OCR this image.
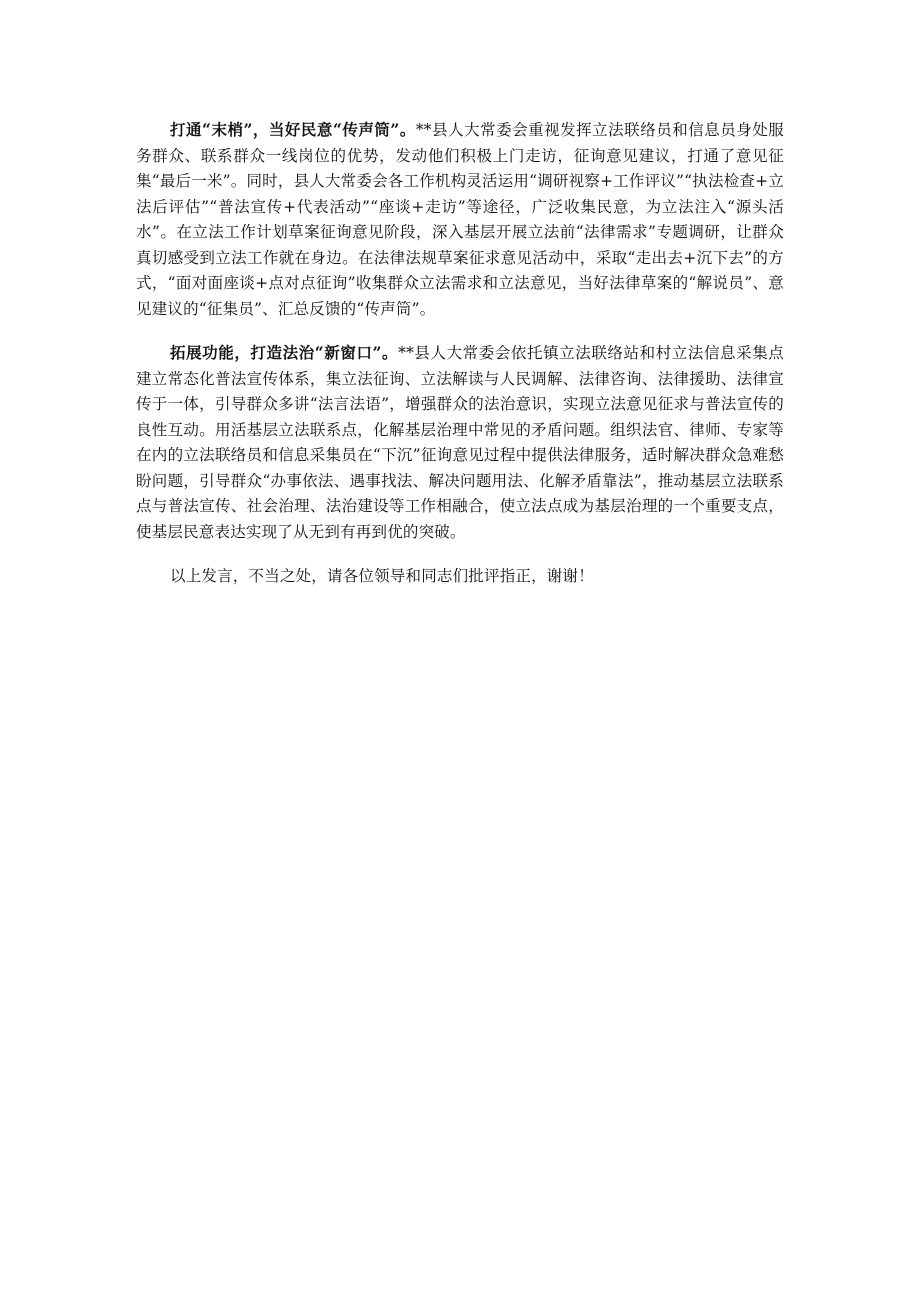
打通“末梢”，当好民意“传声筒”。**县人大常委会重视发挥立法联络员和信息员身处服务群众、联系群众一线岗位的优势，发动他们积极上门走访，征询意见建议，打通了意见征集“最后一米”。同时，县人大常委会各工作机构灵活运用“调研视察+工作评议”“执法检查+立法后评估”“普法宣传+代表活动”“座谈+走访”等途径，广泛收集民意，为立法注入“源头活水”。在立法工作计划草案征询意见阶段，深入基层开展立法前“法律需求”专题调研，让群众真切感受到立法工作就在身边。在法律法规草案征求意见活动中，采取“走出去+沉下去”的方式，“面对面座谈+点对点征询”收集群众立法需求和立法意见，当好法律草案的“解说员”、意见建议的“征集员”、汇总反馈的“传声筒”。

拓展功能，打造法治“新窗口”。**县人大常委会依托镇立法联络站和村立法信息采集点建立常态化普法宣传体系，集立法征询、立法解读与人民调解、法律咨询、法律援助、法律宣传于一体，引导群众多讲“法言法语”，增强群众的法治意识，实现立法意见征求与普法宣传的良性互动。用活基层立法联系点，化解基层治理中常见的矛盾问题。组织法官、律师、专家等在内的立法联络员和信息采集员在“下沉”征询意见过程中提供法律服务，适时解决群众急难愁盼问题，引导群众“办事依法、遇事找法、解决问题用法、化解矛盾靠法”，推动基层立法联系点与普法宣传、社会治理、法治建设等工作相融合，使立法点成为基层治理的一个重要支点，使基层民意表达实现了从无到有再到优的突破。

以上发言，不当之处，请各位领导和同志们批评指正，谢谢！
